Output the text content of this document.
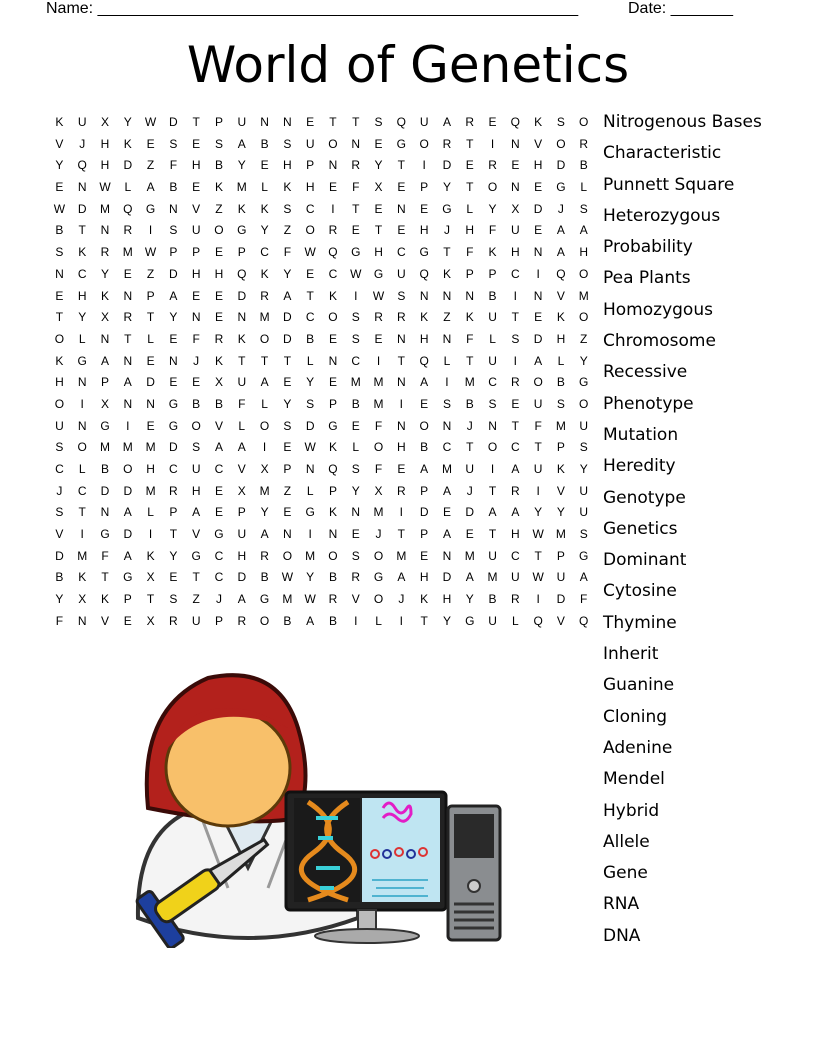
Name: ______________________________________________________	Date: _______
World of Genetics
K	U	X	Y	W	D	T	P	U	N	N	E	T	T	S	Q	U	A	R	E	Q	K	S	O
V	J	H	K	E	S	E	S	A	B	S	U	O	N	E	G	O	R	T	I	N	V	O	R
Y	Q	H	D	Z	F	H	B	Y	E	H	P	N	R	Y	T	I	D	E	R	E	H	D	B
E	N	W	L	A	B	E	K	M	L	K	H	E	F	X	E	P	Y	T	O	N	E	G	L
W	D	M	Q	G	N	V	Z	K	K	S	C	I	T	E	N	E	G	L	Y	X	D	J	S
B	T	N	R	I	S	U	O	G	Y	Z	O	R	E	T	E	H	J	H	F	U	E	A	A
S	K	R	M	W	P	P	E	P	C	F	W	Q	G	H	C	G	T	F	K	H	N	A	H
N	C	Y	E	Z	D	H	H	Q	K	Y	E	C	W	G	U	Q	K	P	P	C	I	Q	O
E	H	K	N	P	A	E	E	D	R	A	T	K	I	W	S	N	N	N	B	I	N	V	M
T	Y	X	R	T	Y	N	E	N	M	D	C	O	S	R	R	K	Z	K	U	T	E	K	O
O	L	N	T	L	E	F	R	K	O	D	B	E	S	E	N	H	N	F	L	S	D	H	Z
K	G	A	N	E	N	J	K	T	T	T	L	N	C	I	T	Q	L	T	U	I	A	L	Y
H	N	P	A	D	E	E	X	U	A	E	Y	E	M	M	N	A	I	M	C	R	O	B	G
O	I	X	N	N	G	B	B	F	L	Y	S	P	B	M	I	E	S	B	S	E	U	S	O
U	N	G	I	E	G	O	V	L	O	S	D	G	E	F	N	O	N	J	N	T	F	M	U
S	O	M	M	M	D	S	A	A	I	E	W	K	L	O	H	B	C	T	O	C	T	P	S
C	L	B	O	H	C	U	C	V	X	P	N	Q	S	F	E	A	M	U	I	A	U	K	Y
J	C	D	D	M	R	H	E	X	M	Z	L	P	Y	X	R	P	A	J	T	R	I	V	U
S	T	N	A	L	P	A	E	P	Y	E	G	K	N	M	I	D	E	D	A	A	Y	Y	U
V	I	G	D	I	T	V	G	U	A	N	I	N	E	J	T	P	A	E	T	H	W	M	S
D	M	F	A	K	Y	G	C	H	R	O	M	O	S	O	M	E	N	M	U	C	T	P	G
B	K	T	G	X	E	T	C	D	B	W	Y	B	R	G	A	H	D	A	M	U	W	U	A
Y	X	K	P	T	S	Z	J	A	G	M	W	R	V	O	J	K	H	Y	B	R	I	D	F
F	N	V	E	X	R	U	P	R	O	B	A	B	I	L	I	T	Y	G	U	L	Q	V	Q
Nitrogenous Bases
Characteristic
Punnett Square
Heterozygous
Probability
Pea Plants
Homozygous
Chromosome
Recessive
Phenotype
Mutation
Heredity
Genotype
Genetics
Dominant
Cytosine
Thymine
Inherit
Guanine
Cloning
Adenine
Mendel
Hybrid
Allele
Gene
RNA
DNA
